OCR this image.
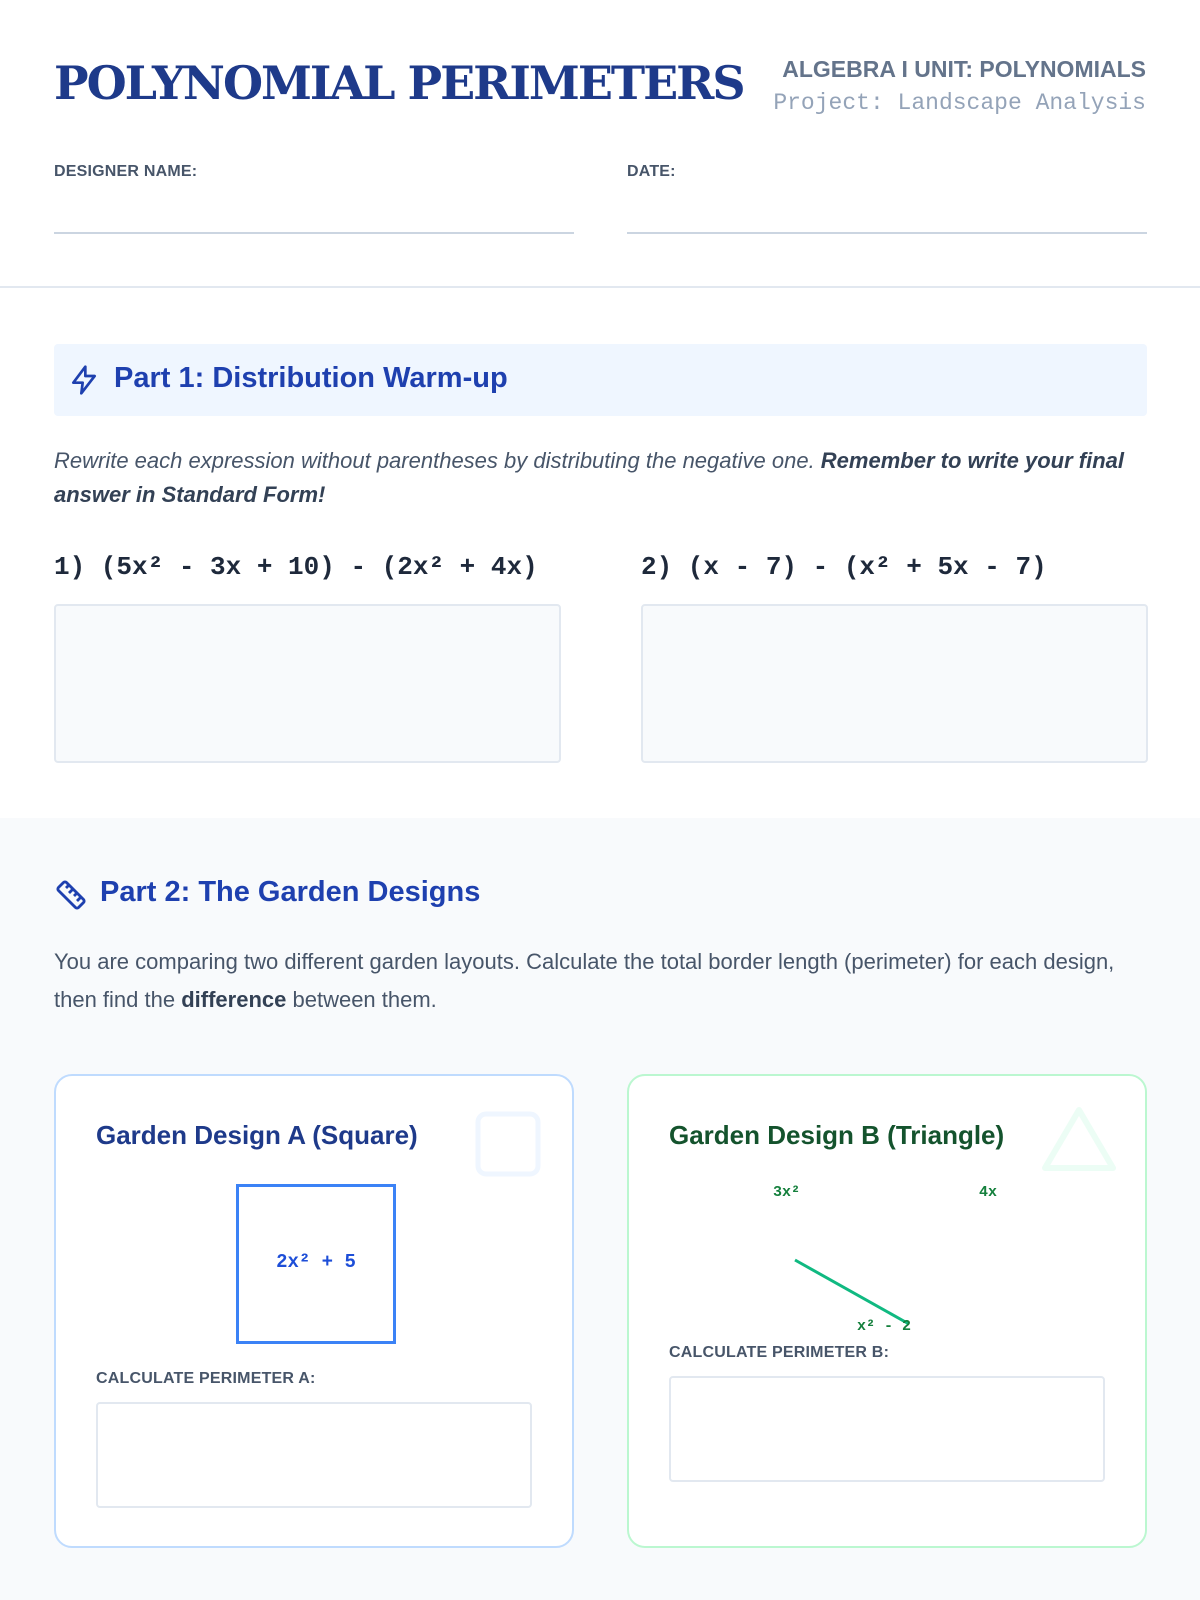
POLYNOMIAL PERIMETERS ALGEBRA I UNIT: POLYNOMIALS
Project: Landscape Analysis
DESIGNER NAME:	DATE:
Part 1: Distribution Warm-up
Rewrite each expression without parentheses by distributing the negative one. Remember to write your final answer in Standard Form!
1) (5x² - 3x + 10) - (2x² + 4x)	2) (x - 7) - (x² + 5x - 7)
Part 2: The Garden Designs
You are comparing two different garden layouts. Calculate the total border length (perimeter) for each design, then find the difference between them.
Garden Design A (Square)
2x² + 5
CALCULATE PERIMETER A:
Garden Design B (Triangle)
3x²	4x
x² - 2
CALCULATE PERIMETER B:
